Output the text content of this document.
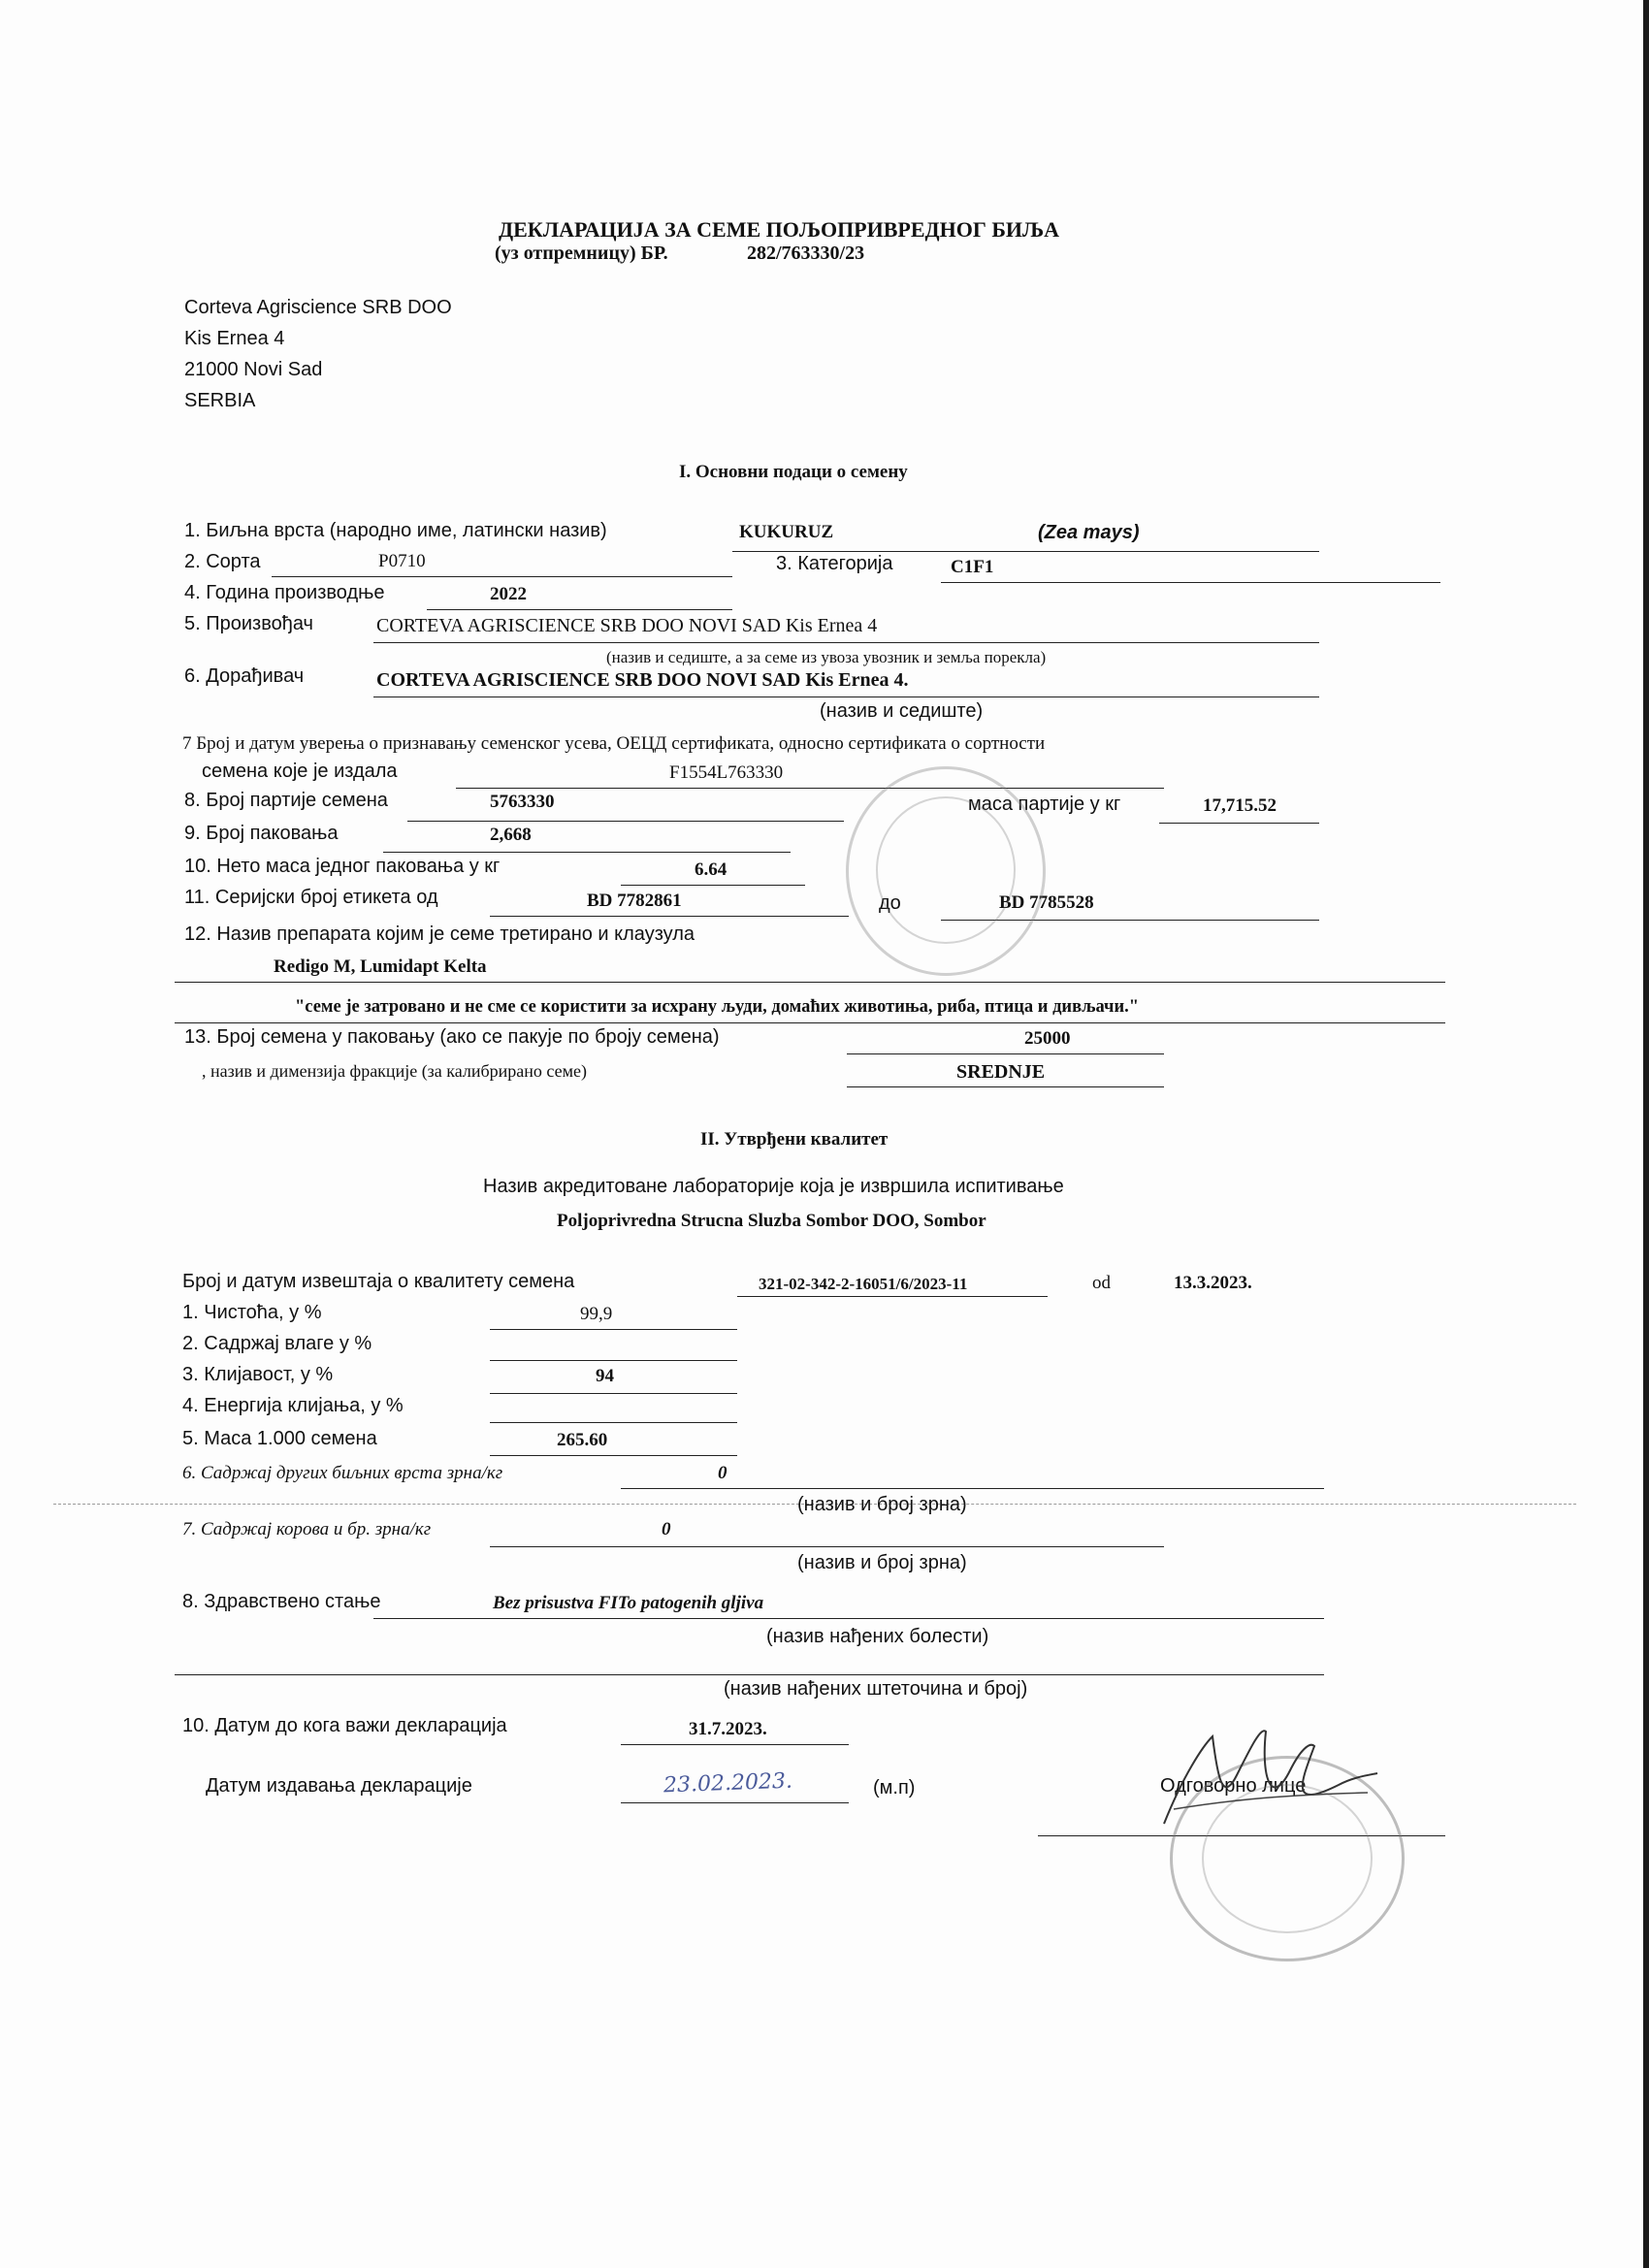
ДЕКЛАРАЦИЈА ЗА СЕМЕ ПОЉОПРИВРЕДНОГ БИЉА
(уз отпремницу) БР.	282/763330/23
Corteva Agriscience SRB DOO
Kis Ernea 4
21000 Novi Sad
SERBIA
I. Основни подаци о семену
1. Биљна врста (народно име, латински назив)	KUKURUZ	(Zea mays)
2. Сорта	P0710	3. Категорија	C1F1
4. Година производње	2022
5. Произвођач	CORTEVA AGRISCIENCE SRB DOO NOVI SAD Kis Ernea 4
(назив и седиште, а за семе из увоза увозник и земља порекла)
6. Дорађивач	CORTEVA AGRISCIENCE SRB DOO NOVI SAD Kis Ernea 4.
(назив и седиште)
7 Број и датум уверења о признавању семенског усева, ОЕЦД сертификата, односно сертификата о сортности
семена које је издала	F1554L763330
8. Број партије семена	5763330	маса партије у кг	17,715.52
9. Број паковања	2,668
10. Нето маса једног паковања у кг	6.64
11. Серијски број етикета од	BD 7782861	до	BD 7785528
12. Назив препарата којим је семе третирано и клаузула
Redigo M, Lumidapt Kelta
"семе је затровано и не сме се користити за исхрану људи, домаћих животиња, риба, птица и дивљачи."
13. Број семена у паковању (ако се пакује по броју семена)	25000
, назив и димензија фракције (за калибрирано семе)	SREDNJE
II. Утврђени квалитет
Назив акредитоване лабораторије која је извршила испитивање
Poljoprivredna Strucna Sluzba Sombor DOO, Sombor
Број и датум извештаја о квалитету семена	321-02-342-2-16051/6/2023-11	od	13.3.2023.
1. Чистоћа, у %	99,9
2. Садржај влаге у %
3. Клијавост, у %	94
4. Енергија клијања, у %
5. Маса 1.000 семена	265.60
6. Садржај других биљних врста зрна/кг	0
(назив и број зрна)
7. Садржај корова и бр. зрна/кг	0
(назив и број зрна)
8. Здравствено стање	Bez prisustva FITo patogenih gljiva
(назив нађених болести)
(назив нађених штеточина и број)
10. Датум до кога важи декларација	31.7.2023.
Датум издавања декларације	23.02.2023.	(м.п)	Одговорно лице
